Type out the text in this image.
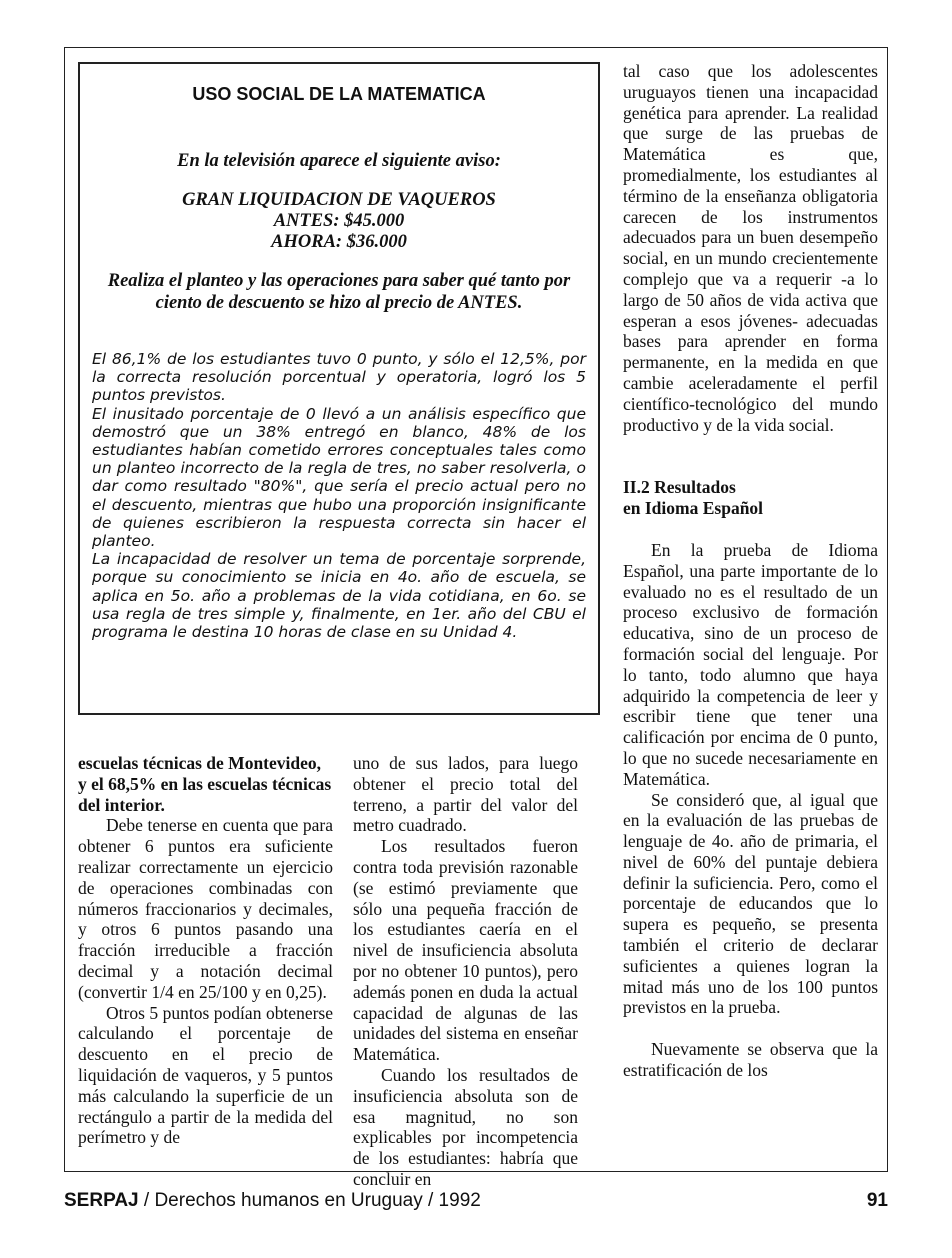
USO SOCIAL DE LA MATEMATICA

En la televisión aparece el siguiente aviso:

GRAN LIQUIDACION DE VAQUEROS
ANTES: $45.000
AHORA: $36.000

Realiza el planteo y las operaciones para saber qué tanto por ciento de descuento se hizo al precio de ANTES.

El 86,1% de los estudiantes tuvo 0 punto, y sólo el 12,5%, por la correcta resolución porcentual y operatoria, logró los 5 puntos previstos.

El inusitado porcentaje de 0 llevó a un análisis específico que demostró que un 38% entregó en blanco, 48% de los estudiantes habían cometido errores conceptuales tales como un planteo incorrecto de la regla de tres, no saber resolverla, o dar como resultado "80%", que sería el precio actual pero no el descuento, mientras que hubo una proporción insignificante de quienes escribieron la respuesta correcta sin hacer el planteo.

La incapacidad de resolver un tema de porcentaje sorprende, porque su conocimiento se inicia en 4o. año de escuela, se aplica en 5o. año a problemas de la vida cotidiana, en 6o. se usa regla de tres simple y, finalmente, en 1er. año del CBU el programa le destina 10 horas de clase en su Unidad 4.

escuelas técnicas de Montevideo, y el 68,5% en las escuelas técnicas del interior.

Debe tenerse en cuenta que para obtener 6 puntos era suficiente realizar correctamente un ejercicio de operaciones combinadas con números fraccionarios y decimales, y otros 6 puntos pasando una fracción irreducible a fracción decimal y a notación decimal (convertir 1/4 en 25/100 y en 0,25).

Otros 5 puntos podían obtenerse calculando el porcentaje de descuento en el precio de liquidación de vaqueros, y 5 puntos más calculando la superficie de un rectángulo a partir de la medida del perímetro y de

uno de sus lados, para luego obtener el precio total del terreno, a partir del valor del metro cuadrado.

Los resultados fueron contra toda previsión razonable (se estimó previamente que sólo una pequeña fracción de los estudiantes caería en el nivel de insuficiencia absoluta por no obtener 10 puntos), pero además ponen en duda la actual capacidad de algunas de las unidades del sistema en enseñar Matemática.

Cuando los resultados de insuficiencia absoluta son de esa magnitud, no son explicables por incompetencia de los estudiantes: habría que concluir en

tal caso que los adolescentes uruguayos tienen una incapacidad genética para aprender. La realidad que surge de las pruebas de Matemática es que, promedialmente, los estudiantes al término de la enseñanza obligatoria carecen de los instrumentos adecuados para un buen desempeño social, en un mundo crecientemente complejo que va a requerir -a lo largo de 50 años de vida activa que esperan a esos jóvenes- adecuadas bases para aprender en forma permanente, en la medida en que cambie aceleradamente el perfil científico-tecnológico del mundo productivo y de la vida social.

II.2 Resultados

en Idioma Español

En la prueba de Idioma Español, una parte importante de lo evaluado no es el resultado de un proceso exclusivo de formación educativa, sino de un proceso de formación social del lenguaje. Por lo tanto, todo alumno que haya adquirido la competencia de leer y escribir tiene que tener una calificación por encima de 0 punto, lo que no sucede necesariamente en Matemática.

Se consideró que, al igual que en la evaluación de las pruebas de lenguaje de 4o. año de primaria, el nivel de 60% del puntaje debiera definir la suficiencia. Pero, como el porcentaje de educandos que lo supera es pequeño, se presenta también el criterio de declarar suficientes a quienes logran la mitad más uno de los 100 puntos previstos en la prueba.

Nuevamente se observa que la estratificación de los

SERPAJ / Derechos humanos en Uruguay / 1992	91
